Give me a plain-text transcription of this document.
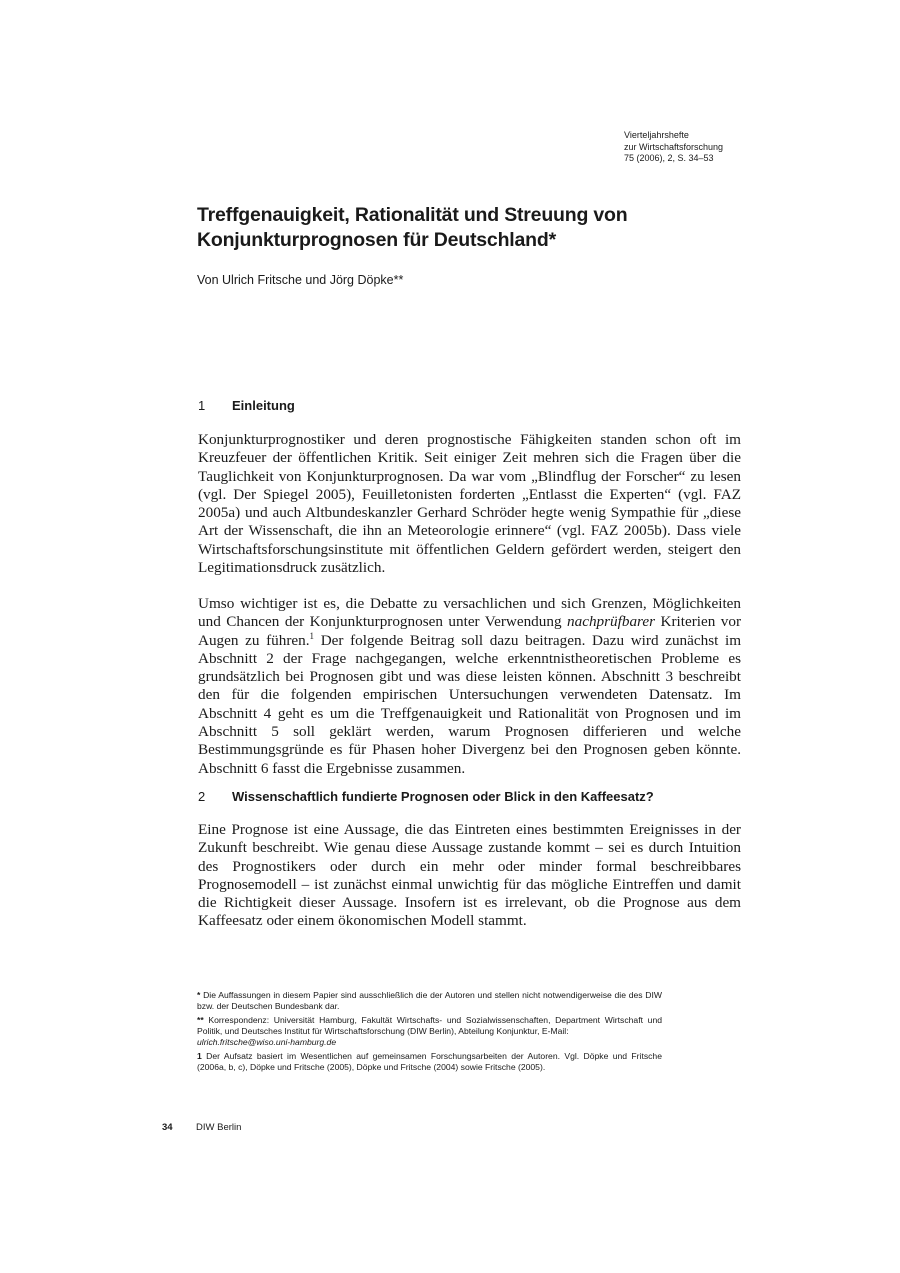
Vierteljahrshefte
zur Wirtschaftsforschung
75 (2006), 2, S. 34–53
Treffgenauigkeit, Rationalität und Streuung von Konjunkturprognosen für Deutschland*
Von Ulrich Fritsche und Jörg Döpke**
1 Einleitung

Konjunkturprognostiker und deren prognostische Fähigkeiten standen schon oft im Kreuzfeuer der öffentlichen Kritik. Seit einiger Zeit mehren sich die Fragen über die Tauglichkeit von Konjunkturprognosen. Da war vom „Blindflug der Forscher“ zu lesen (vgl. Der Spiegel 2005), Feuilletonisten forderten „Entlasst die Experten“ (vgl. FAZ 2005a) und auch Altbundeskanzler Gerhard Schröder hegte wenig Sympathie für „diese Art der Wissenschaft, die ihn an Meteorologie erinnere“ (vgl. FAZ 2005b). Dass viele Wirtschaftsforschungsinstitute mit öffentlichen Geldern gefördert werden, steigert den Legitimationsdruck zusätzlich.

Umso wichtiger ist es, die Debatte zu versachlichen und sich Grenzen, Möglichkeiten und Chancen der Konjunkturprognosen unter Verwendung nachprüfbarer Kriterien vor Augen zu führen.$^1$ Der folgende Beitrag soll dazu beitragen. Dazu wird zunächst im Abschnitt 2 der Frage nachgegangen, welche erkenntnistheoretischen Probleme es grundsätzlich bei Prognosen gibt und was diese leisten können. Abschnitt 3 beschreibt den für die folgenden empirischen Untersuchungen verwendeten Datensatz. Im Abschnitt 4 geht es um die Treffgenauigkeit und Rationalität von Prognosen und im Abschnitt 5 soll geklärt werden, warum Prognosen differieren und welche Bestimmungsgründe es für Phasen hoher Divergenz bei den Prognosen geben könnte. Abschnitt 6 fasst die Ergebnisse zusammen.

2 Wissenschaftlich fundierte Prognosen oder Blick in den Kaffeesatz?

Eine Prognose ist eine Aussage, die das Eintreten eines bestimmten Ereignisses in der Zukunft beschreibt. Wie genau diese Aussage zustande kommt – sei es durch Intuition des Prognostikers oder durch ein mehr oder minder formal beschreibbares Prognosemodell – ist zunächst einmal unwichtig für das mögliche Eintreffen und damit die Richtigkeit dieser Aussage. Insofern ist es irrelevant, ob die Prognose aus dem Kaffeesatz oder einem ökonomischen Modell stammt.

* Die Auffassungen in diesem Papier sind ausschließlich die der Autoren und stellen nicht notwendigerweise die des DIW bzw. der Deutschen Bundesbank dar.

** Korrespondenz: Universität Hamburg, Fakultät Wirtschafts- und Sozialwissenschaften, Department Wirtschaft und Politik, und Deutsches Institut für Wirtschaftsforschung (DIW Berlin), Abteilung Konjunktur, E-Mail:
ulrich.fritsche@wiso.uni-hamburg.de

1 Der Aufsatz basiert im Wesentlichen auf gemeinsamen Forschungsarbeiten der Autoren. Vgl. Döpke und Fritsche (2006a, b, c), Döpke und Fritsche (2005), Döpke und Fritsche (2004) sowie Fritsche (2005).

34 DIW Berlin
